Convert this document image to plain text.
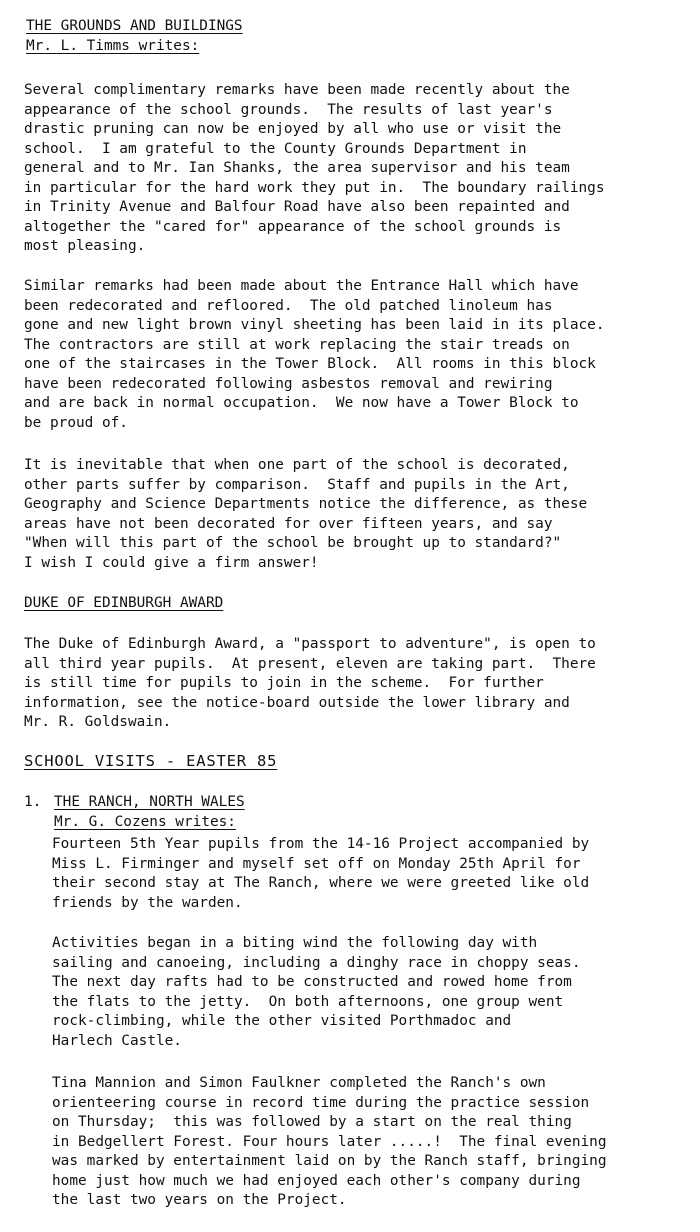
THE GROUNDS AND BUILDINGS
Mr. L. Timms writes:
Several complimentary remarks have been made recently about the
appearance of the school grounds.  The results of last year's
drastic pruning can now be enjoyed by all who use or visit the
school.  I am grateful to the County Grounds Department in
general and to Mr. Ian Shanks, the area supervisor and his team
in particular for the hard work they put in.  The boundary railings
in Trinity Avenue and Balfour Road have also been repainted and
altogether the "cared for" appearance of the school grounds is
most pleasing.
Similar remarks had been made about the Entrance Hall which have
been redecorated and refloored.  The old patched linoleum has
gone and new light brown vinyl sheeting has been laid in its place.
The contractors are still at work replacing the stair treads on
one of the staircases in the Tower Block.  All rooms in this block
have been redecorated following asbestos removal and rewiring
and are back in normal occupation.  We now have a Tower Block to
be proud of.
It is inevitable that when one part of the school is decorated,
other parts suffer by comparison.  Staff and pupils in the Art,
Geography and Science Departments notice the difference, as these
areas have not been decorated for over fifteen years, and say
"When will this part of the school be brought up to standard?"
I wish I could give a firm answer!
DUKE OF EDINBURGH AWARD
The Duke of Edinburgh Award, a "passport to adventure", is open to
all third year pupils.  At present, eleven are taking part.  There
is still time for pupils to join in the scheme.  For further
information, see the notice-board outside the lower library and
Mr. R. Goldswain.
SCHOOL VISITS - EASTER 85
1. THE RANCH, NORTH WALES
Mr. G. Cozens writes:
Fourteen 5th Year pupils from the 14-16 Project accompanied by
Miss L. Firminger and myself set off on Monday 25th April for
their second stay at The Ranch, where we were greeted like old
friends by the warden.
Activities began in a biting wind the following day with
sailing and canoeing, including a dinghy race in choppy seas.
The next day rafts had to be constructed and rowed home from
the flats to the jetty.  On both afternoons, one group went
rock-climbing, while the other visited Porthmadoc and
Harlech Castle.
Tina Mannion and Simon Faulkner completed the Ranch's own
orienteering course in record time during the practice session
on Thursday;  this was followed by a start on the real thing
in Bedgellert Forest. Four hours later .....!  The final evening
was marked by entertainment laid on by the Ranch staff, bringing
home just how much we had enjoyed each other's company during
the last two years on the Project.
